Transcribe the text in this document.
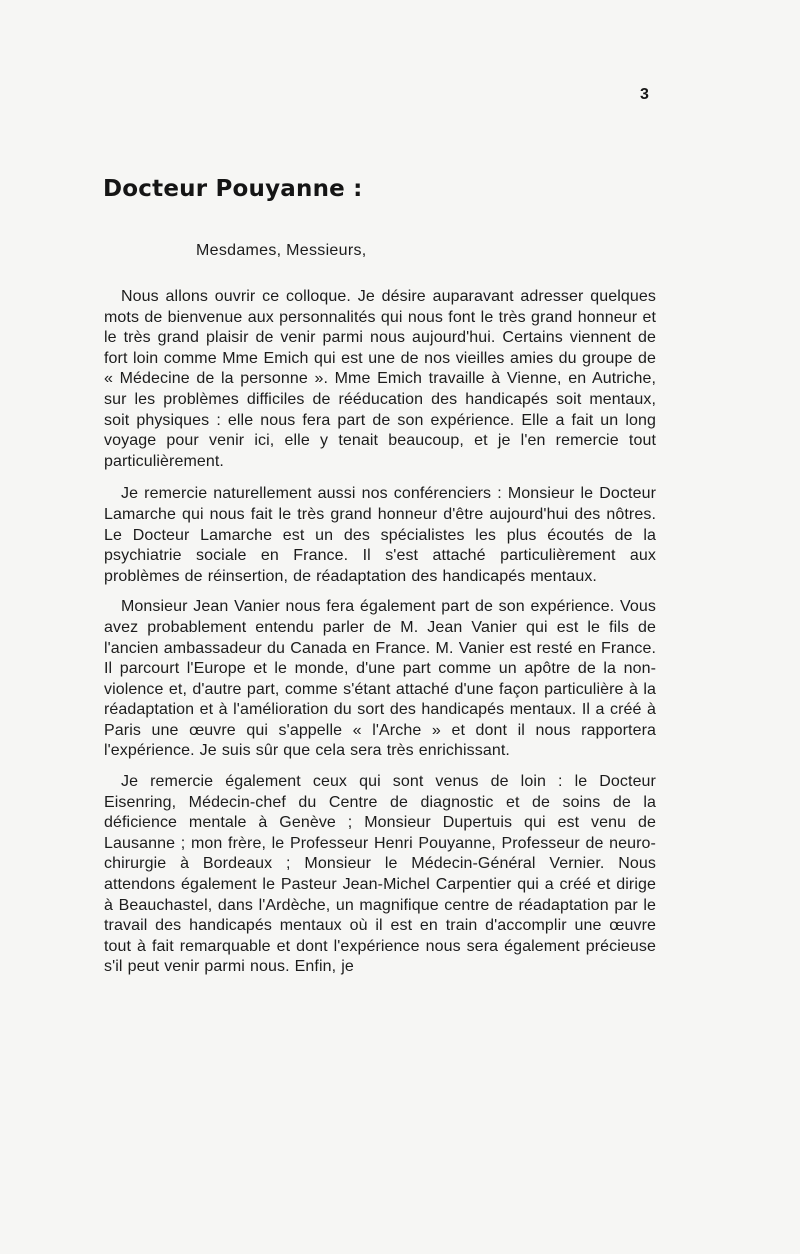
3
Docteur Pouyanne :

Mesdames, Messieurs,

Nous allons ouvrir ce colloque. Je désire auparavant adresser quelques mots de bienvenue aux personnalités qui nous font le très grand honneur et le très grand plaisir de venir parmi nous aujourd'hui. Certains viennent de fort loin comme Mme Emich qui est une de nos vieilles amies du groupe de « Médecine de la personne ». Mme Emich travaille à Vienne, en Autriche, sur les problèmes difficiles de rééducation des handicapés soit mentaux, soit physiques : elle nous fera part de son expérience. Elle a fait un long voyage pour venir ici, elle y tenait beaucoup, et je l'en remercie tout particulièrement.

Je remercie naturellement aussi nos conférenciers : Monsieur le Docteur Lamarche qui nous fait le très grand honneur d'être aujourd'hui des nôtres. Le Docteur Lamarche est un des spécialistes les plus écoutés de la psychiatrie sociale en France. Il s'est attaché particulièrement aux problèmes de réinsertion, de réadaptation des handicapés mentaux.

Monsieur Jean Vanier nous fera également part de son expérience. Vous avez probablement entendu parler de M. Jean Vanier qui est le fils de l'ancien ambassadeur du Canada en France. M. Vanier est resté en France. Il parcourt l'Europe et le monde, d'une part comme un apôtre de la non-violence et, d'autre part, comme s'étant attaché d'une façon particulière à la réadaptation et à l'amélioration du sort des handicapés mentaux. Il a créé à Paris une œuvre qui s'appelle « l'Arche » et dont il nous rapportera l'expérience. Je suis sûr que cela sera très enrichissant.

Je remercie également ceux qui sont venus de loin : le Docteur Eisenring, Médecin-chef du Centre de diagnostic et de soins de la déficience mentale à Genève ; Monsieur Dupertuis qui est venu de Lausanne ; mon frère, le Professeur Henri Pouyanne, Professeur de neuro-chirurgie à Bordeaux ; Monsieur le Médecin-Général Vernier. Nous attendons également le Pasteur Jean-Michel Carpentier qui a créé et dirige à Beauchastel, dans l'Ardèche, un magnifique centre de réadaptation par le travail des handicapés mentaux où il est en train d'accomplir une œuvre tout à fait remarquable et dont l'expérience nous sera également précieuse s'il peut venir parmi nous. Enfin, je
